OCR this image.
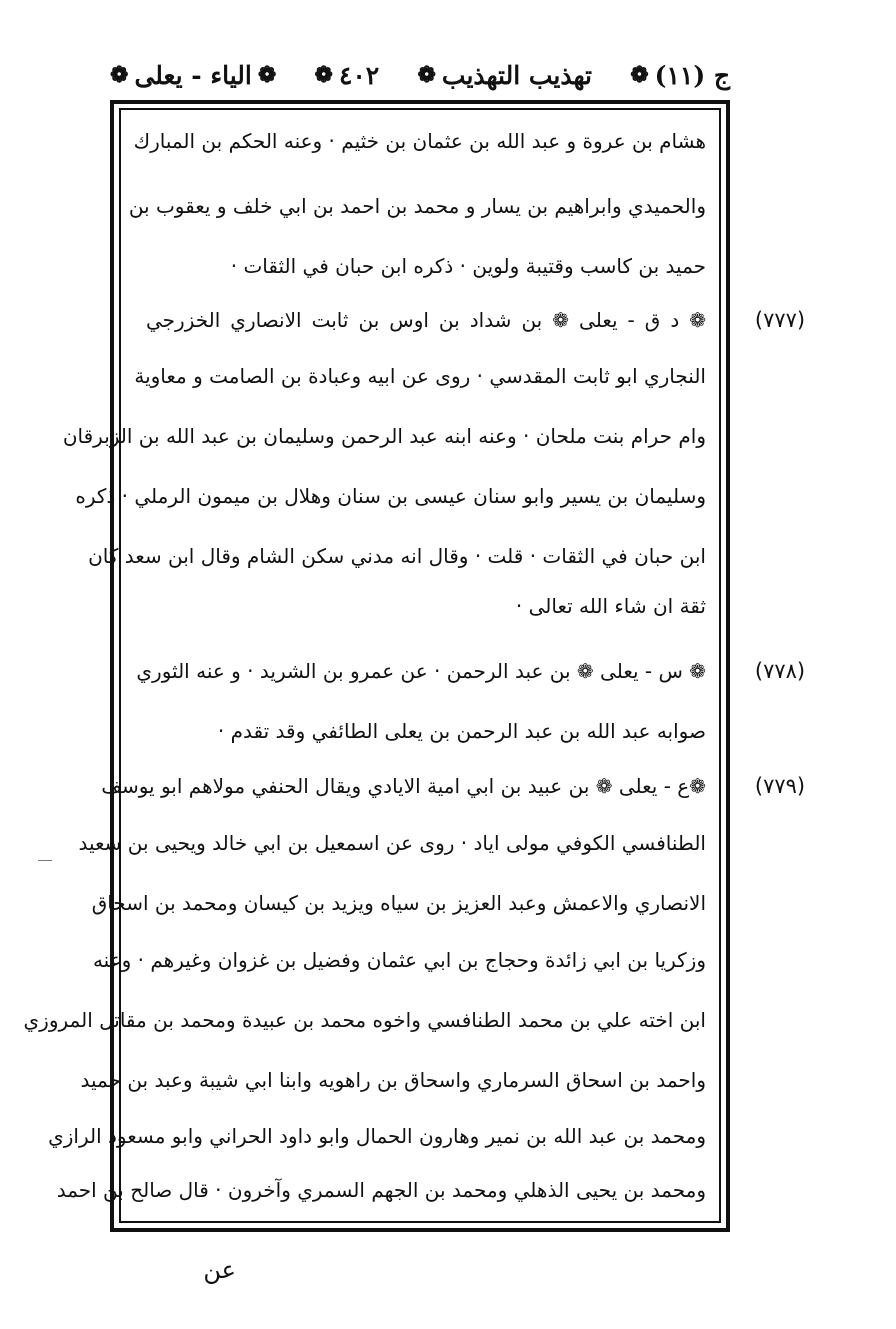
ج (١١)
❁
تهذيب التهذيب
❁
٤٠٢
❁
❁
الياء - يعلى
❁
هشام بن عروة و عبد الله بن عثمان بن خثيم · وعنه الحكم بن المبارك
والحميدي وابراهيم بن يسار و محمد بن احمد بن ابي خلف و يعقوب بن
حميد بن كاسب وقتيبة ولوين · ذكره ابن حبان في الثقات ·
❁ د ق - يعلى ❁ بن شداد بن اوس بن ثابت الانصاري الخزرجي
النجاري ابو ثابت المقدسي · روى عن ابيه وعبادة بن الصامت و معاوية
وام حرام بنت ملحان · وعنه ابنه عبد الرحمن وسليمان بن عبد الله بن الزبرقان
وسليمان بن يسير وابو سنان عيسى بن سنان وهلال بن ميمون الرملي · ذكره
ابن حبان في الثقات · قلت · وقال انه مدني سكن الشام وقال ابن سعد كان
ثقة ان شاء الله تعالى ·
❁ س - يعلى ❁ بن عبد الرحمن · عن عمرو بن الشريد · و عنه الثوري
صوابه عبد الله بن عبد الرحمن بن يعلى الطائفي وقد تقدم ·
❁ع - يعلى ❁ بن عبيد بن ابي امية الايادي ويقال الحنفي مولاهم ابو يوسف
الطنافسي الكوفي مولى اياد · روى عن اسمعيل بن ابي خالد ويحيى بن سعيد
الانصاري والاعمش وعبد العزيز بن سياه ويزيد بن كيسان ومحمد بن اسحاق
وزكريا بن ابي زائدة وحجاج بن ابي عثمان وفضيل بن غزوان وغيرهم · وعنه
ابن اخته علي بن محمد الطنافسي واخوه محمد بن عبيدة ومحمد بن مقاتل المروزي
واحمد بن اسحاق السرماري واسحاق بن راهويه وابنا ابي شيبة وعبد بن حميد
ومحمد بن عبد الله بن نمير وهارون الحمال وابو داود الحراني وابو مسعود الرازي
ومحمد بن يحيى الذهلي ومحمد بن الجهم السمري وآخرون · قال صالح بن احمد
(٧٧٧)
(٧٧٨)
(٧٧٩)
عن
